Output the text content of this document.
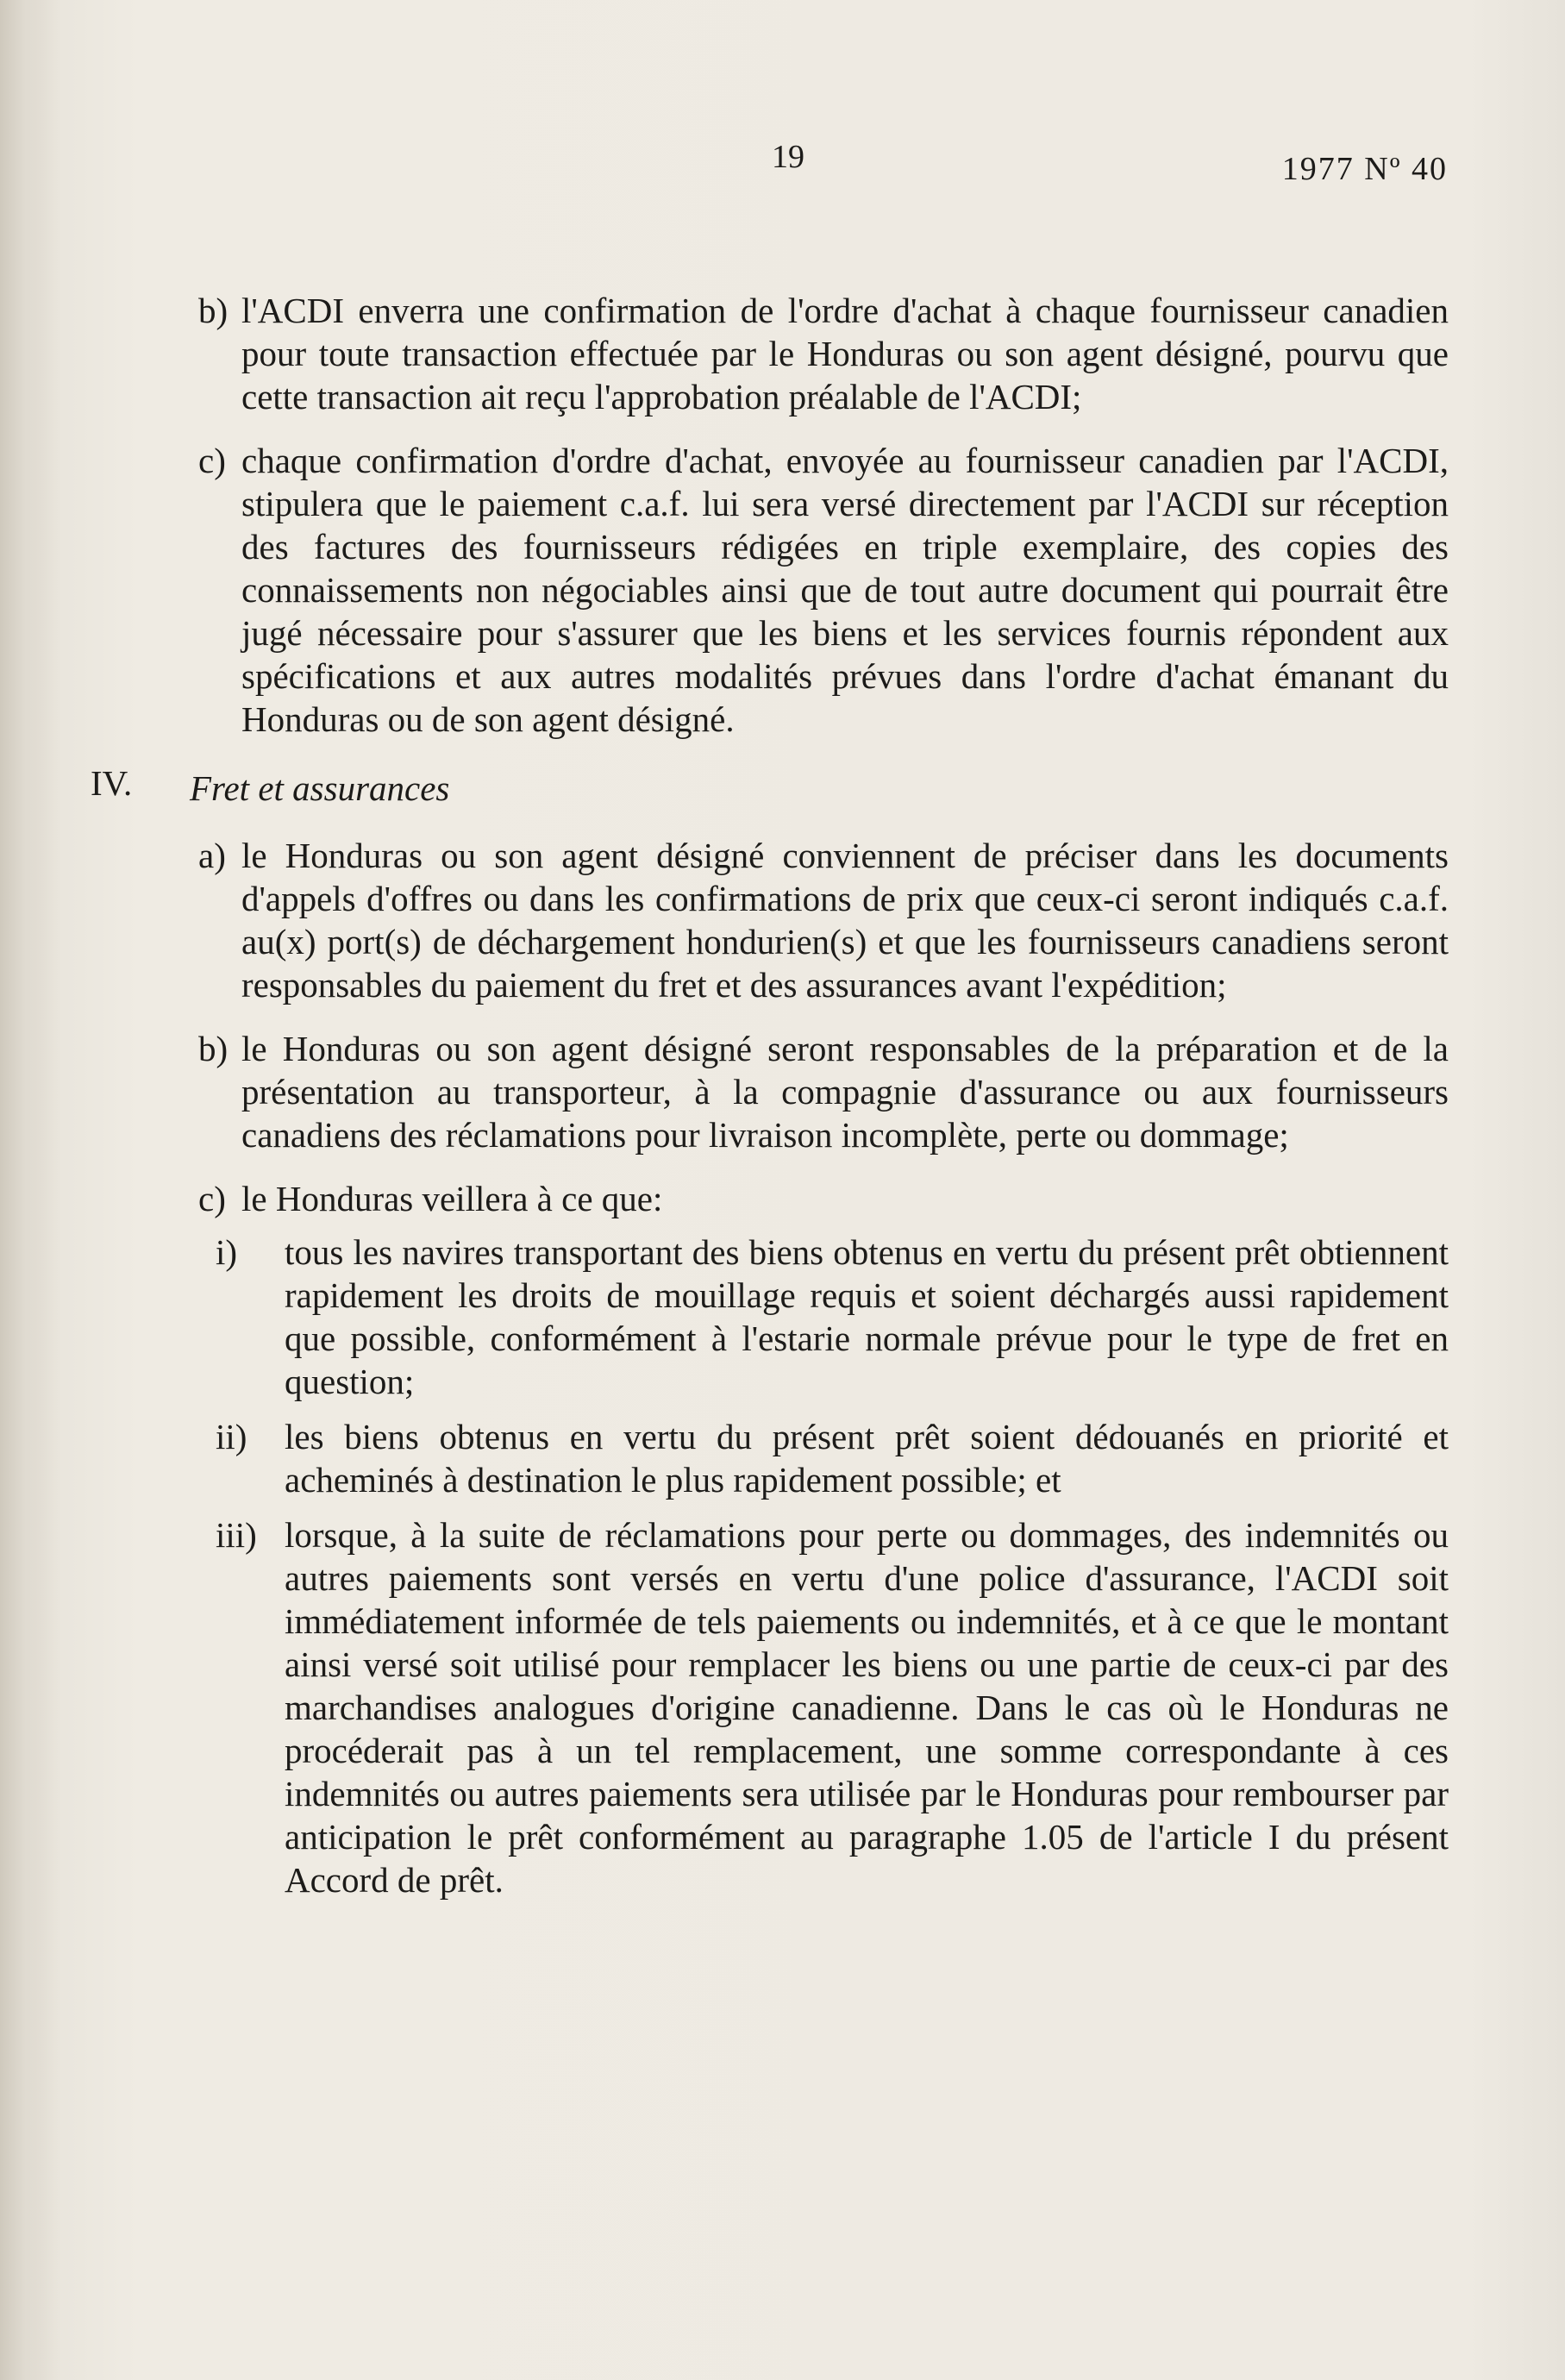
19	1977 Nº 40
b) l'ACDI enverra une confirmation de l'ordre d'achat à chaque fournisseur canadien pour toute transaction effectuée par le Honduras ou son agent désigné, pourvu que cette transaction ait reçu l'approbation préalable de l'ACDI;
c) chaque confirmation d'ordre d'achat, envoyée au fournisseur canadien par l'ACDI, stipulera que le paiement c.a.f. lui sera versé directement par l'ACDI sur réception des factures des fournisseurs rédigées en triple exemplaire, des copies des connaissements non négociables ainsi que de tout autre document qui pourrait être jugé nécessaire pour s'assurer que les biens et les services fournis répondent aux spécifications et aux autres modalités prévues dans l'ordre d'achat émanant du Honduras ou de son agent désigné.
IV. Fret et assurances
a) le Honduras ou son agent désigné conviennent de préciser dans les documents d'appels d'offres ou dans les confirmations de prix que ceux-ci seront indiqués c.a.f. au(x) port(s) de déchargement hondurien(s) et que les fournisseurs canadiens seront responsables du paiement du fret et des assurances avant l'expédition;
b) le Honduras ou son agent désigné seront responsables de la préparation et de la présentation au transporteur, à la compagnie d'assurance ou aux fournisseurs canadiens des réclamations pour livraison incomplète, perte ou dommage;
c) le Honduras veillera à ce que:
i) tous les navires transportant des biens obtenus en vertu du présent prêt obtiennent rapidement les droits de mouillage requis et soient déchargés aussi rapidement que possible, conformément à l'estarie normale prévue pour le type de fret en question;
ii) les biens obtenus en vertu du présent prêt soient dédouanés en priorité et acheminés à destination le plus rapidement possible; et
iii) lorsque, à la suite de réclamations pour perte ou dommages, des indemnités ou autres paiements sont versés en vertu d'une police d'assurance, l'ACDI soit immédiatement informée de tels paiements ou indemnités, et à ce que le montant ainsi versé soit utilisé pour remplacer les biens ou une partie de ceux-ci par des marchandises analogues d'origine canadienne. Dans le cas où le Honduras ne procéderait pas à un tel remplacement, une somme correspondante à ces indemnités ou autres paiements sera utilisée par le Honduras pour rembourser par anticipation le prêt conformément au paragraphe 1.05 de l'article I du présent Accord de prêt.
